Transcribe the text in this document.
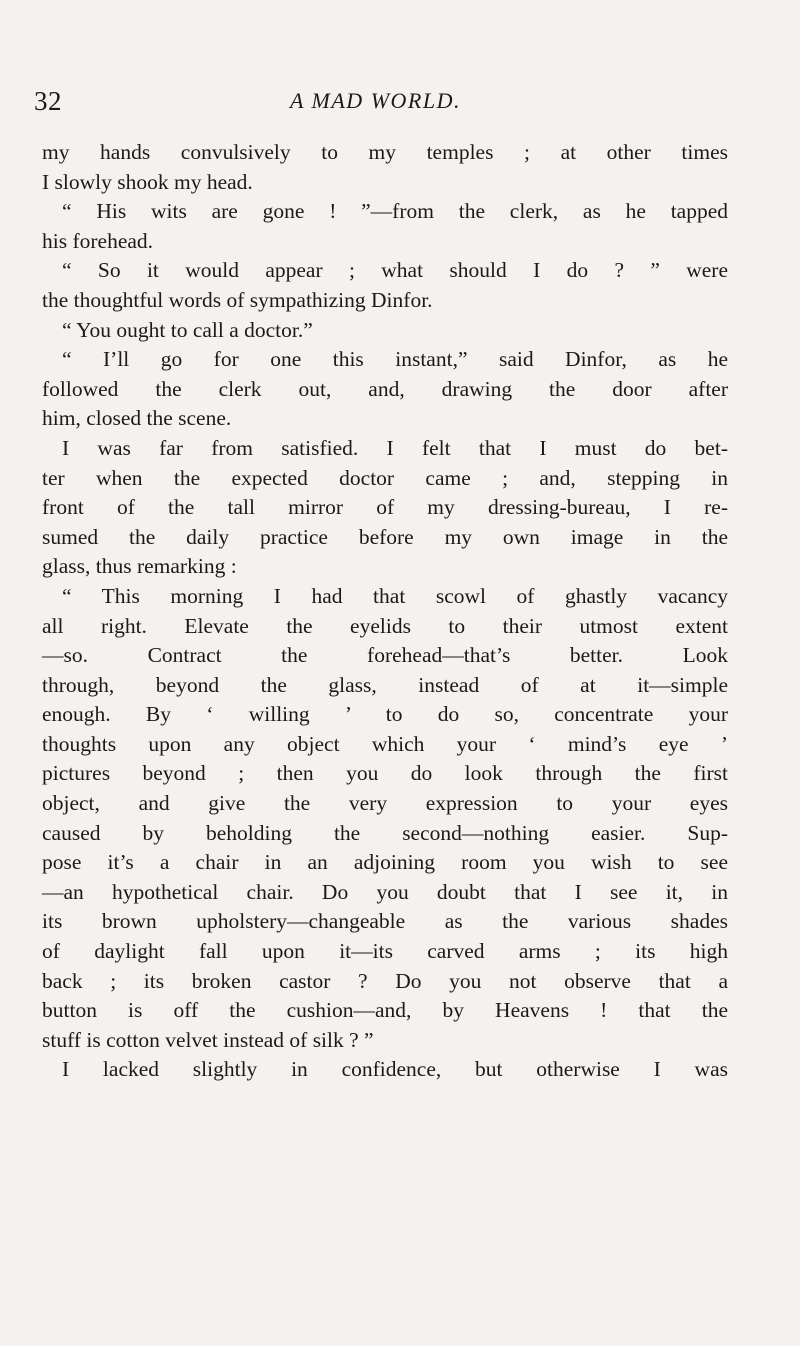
32	A MAD WORLD.
my hands convulsively to my temples ; at other times
I slowly shook my head.
“ His wits are gone ! ”—from the clerk, as he tapped
his forehead.
“ So it would appear ; what should I do ? ” were
the thoughtful words of sympathizing Dinfor.
“ You ought to call a doctor.”
“ I’ll go for one this instant,” said Dinfor, as he
followed the clerk out, and, drawing the door after
him, closed the scene.
I was far from satisfied. I felt that I must do bet-
ter when the expected doctor came ; and, stepping in
front of the tall mirror of my dressing-bureau, I re-
sumed the daily practice before my own image in the
glass, thus remarking :
“ This morning I had that scowl of ghastly vacancy
all right. Elevate the eyelids to their utmost extent
—so. Contract the forehead—that’s better. Look
through, beyond the glass, instead of at it—simple
enough. By ‘ willing ’ to do so, concentrate your
thoughts upon any object which your ‘ mind’s eye ’
pictures beyond ; then you do look through the first
object, and give the very expression to your eyes
caused by beholding the second—nothing easier. Sup-
pose it’s a chair in an adjoining room you wish to see
—an hypothetical chair. Do you doubt that I see it, in
its brown upholstery—changeable as the various shades
of daylight fall upon it—its carved arms ; its high
back ; its broken castor ? Do you not observe that a
button is off the cushion—and, by Heavens ! that the
stuff is cotton velvet instead of silk ? ”
I lacked slightly in confidence, but otherwise I was
